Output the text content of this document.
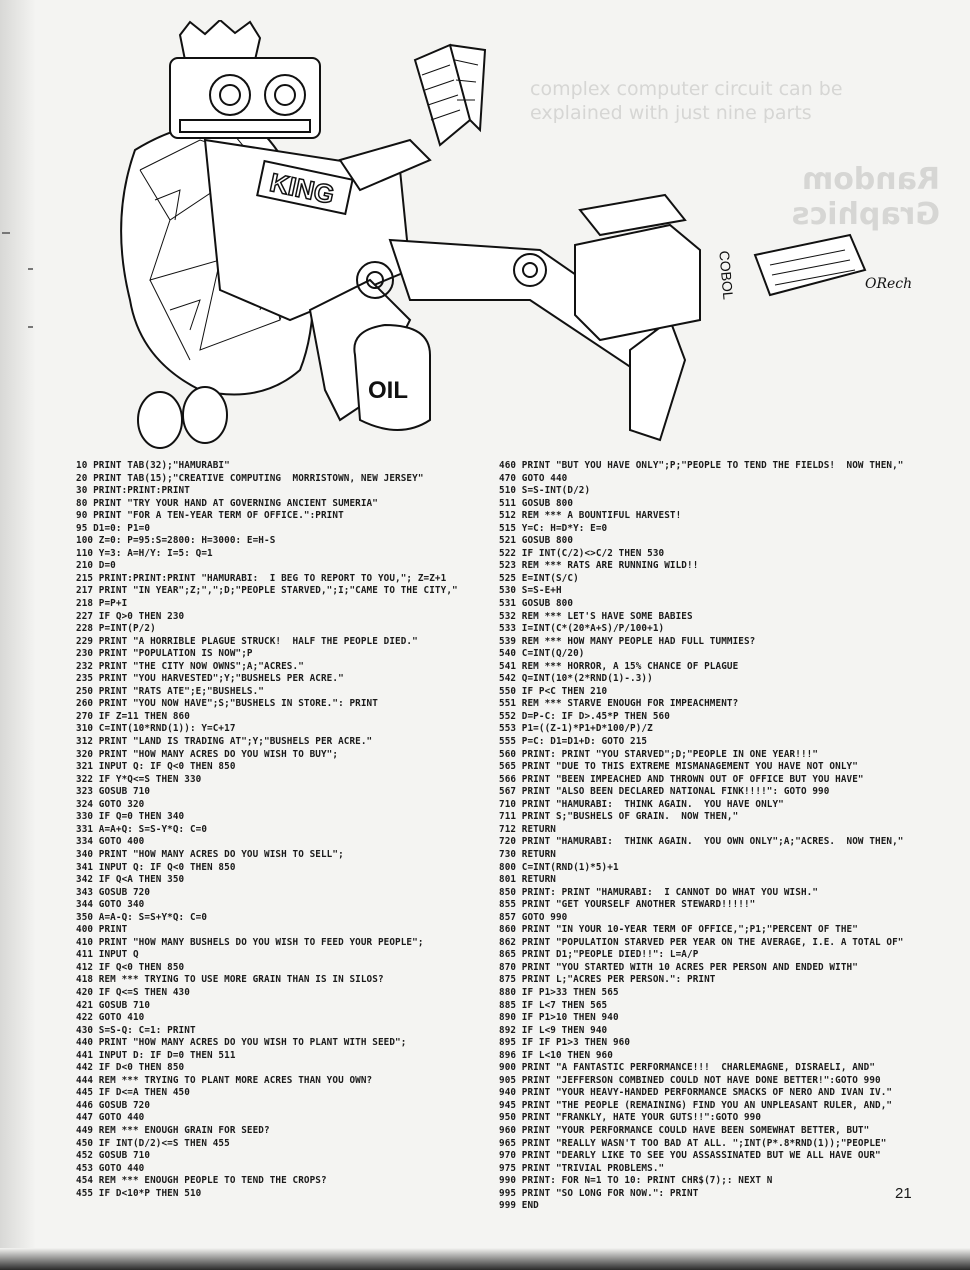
complex computer circuit can be
explained with just nine parts
Random Graphics
KING
OIL
COBOL	ORech
10 PRINT TAB(32);"HAMURABI"
20 PRINT TAB(15);"CREATIVE COMPUTING  MORRISTOWN, NEW JERSEY"
30 PRINT:PRINT:PRINT
80 PRINT "TRY YOUR HAND AT GOVERNING ANCIENT SUMERIA"
90 PRINT "FOR A TEN-YEAR TERM OF OFFICE.":PRINT
95 D1=0: P1=0
100 Z=0: P=95:S=2800: H=3000: E=H-S
110 Y=3: A=H/Y: I=5: Q=1
210 D=0
215 PRINT:PRINT:PRINT "HAMURABI:  I BEG TO REPORT TO YOU,"; Z=Z+1
217 PRINT "IN YEAR";Z;",";D;"PEOPLE STARVED,";I;"CAME TO THE CITY,"
218 P=P+I
227 IF Q>0 THEN 230
228 P=INT(P/2)
229 PRINT "A HORRIBLE PLAGUE STRUCK!  HALF THE PEOPLE DIED."
230 PRINT "POPULATION IS NOW";P
232 PRINT "THE CITY NOW OWNS";A;"ACRES."
235 PRINT "YOU HARVESTED";Y;"BUSHELS PER ACRE."
250 PRINT "RATS ATE";E;"BUSHELS."
260 PRINT "YOU NOW HAVE";S;"BUSHELS IN STORE.": PRINT
270 IF Z=11 THEN 860
310 C=INT(10*RND(1)): Y=C+17
312 PRINT "LAND IS TRADING AT";Y;"BUSHELS PER ACRE."
320 PRINT "HOW MANY ACRES DO YOU WISH TO BUY";
321 INPUT Q: IF Q<0 THEN 850
322 IF Y*Q<=S THEN 330
323 GOSUB 710
324 GOTO 320
330 IF Q=0 THEN 340
331 A=A+Q: S=S-Y*Q: C=0
334 GOTO 400
340 PRINT "HOW MANY ACRES DO YOU WISH TO SELL";
341 INPUT Q: IF Q<0 THEN 850
342 IF Q<A THEN 350
343 GOSUB 720
344 GOTO 340
350 A=A-Q: S=S+Y*Q: C=0
400 PRINT
410 PRINT "HOW MANY BUSHELS DO YOU WISH TO FEED YOUR PEOPLE";
411 INPUT Q
412 IF Q<0 THEN 850
418 REM *** TRYING TO USE MORE GRAIN THAN IS IN SILOS?
420 IF Q<=S THEN 430
421 GOSUB 710
422 GOTO 410
430 S=S-Q: C=1: PRINT
440 PRINT "HOW MANY ACRES DO YOU WISH TO PLANT WITH SEED";
441 INPUT D: IF D=0 THEN 511
442 IF D<0 THEN 850
444 REM *** TRYING TO PLANT MORE ACRES THAN YOU OWN?
445 IF D<=A THEN 450
446 GOSUB 720
447 GOTO 440
449 REM *** ENOUGH GRAIN FOR SEED?
450 IF INT(D/2)<=S THEN 455
452 GOSUB 710
453 GOTO 440
454 REM *** ENOUGH PEOPLE TO TEND THE CROPS?
455 IF D<10*P THEN 510
460 PRINT "BUT YOU HAVE ONLY";P;"PEOPLE TO TEND THE FIELDS!  NOW THEN,"
470 GOTO 440
510 S=S-INT(D/2)
511 GOSUB 800
512 REM *** A BOUNTIFUL HARVEST!
515 Y=C: H=D*Y: E=0
521 GOSUB 800
522 IF INT(C/2)<>C/2 THEN 530
523 REM *** RATS ARE RUNNING WILD!!
525 E=INT(S/C)
530 S=S-E+H
531 GOSUB 800
532 REM *** LET'S HAVE SOME BABIES
533 I=INT(C*(20*A+S)/P/100+1)
539 REM *** HOW MANY PEOPLE HAD FULL TUMMIES?
540 C=INT(Q/20)
541 REM *** HORROR, A 15% CHANCE OF PLAGUE
542 Q=INT(10*(2*RND(1)-.3))
550 IF P<C THEN 210
551 REM *** STARVE ENOUGH FOR IMPEACHMENT?
552 D=P-C: IF D>.45*P THEN 560
553 P1=((Z-1)*P1+D*100/P)/Z
555 P=C: D1=D1+D: GOTO 215
560 PRINT: PRINT "YOU STARVED";D;"PEOPLE IN ONE YEAR!!!"
565 PRINT "DUE TO THIS EXTREME MISMANAGEMENT YOU HAVE NOT ONLY"
566 PRINT "BEEN IMPEACHED AND THROWN OUT OF OFFICE BUT YOU HAVE"
567 PRINT "ALSO BEEN DECLARED NATIONAL FINK!!!!": GOTO 990
710 PRINT "HAMURABI:  THINK AGAIN.  YOU HAVE ONLY"
711 PRINT S;"BUSHELS OF GRAIN.  NOW THEN,"
712 RETURN
720 PRINT "HAMURABI:  THINK AGAIN.  YOU OWN ONLY";A;"ACRES.  NOW THEN,"
730 RETURN
800 C=INT(RND(1)*5)+1
801 RETURN
850 PRINT: PRINT "HAMURABI:  I CANNOT DO WHAT YOU WISH."
855 PRINT "GET YOURSELF ANOTHER STEWARD!!!!!"
857 GOTO 990
860 PRINT "IN YOUR 10-YEAR TERM OF OFFICE,";P1;"PERCENT OF THE"
862 PRINT "POPULATION STARVED PER YEAR ON THE AVERAGE, I.E. A TOTAL OF"
865 PRINT D1;"PEOPLE DIED!!": L=A/P
870 PRINT "YOU STARTED WITH 10 ACRES PER PERSON AND ENDED WITH"
875 PRINT L;"ACRES PER PERSON.": PRINT
880 IF P1>33 THEN 565
885 IF L<7 THEN 565
890 IF P1>10 THEN 940
892 IF L<9 THEN 940
895 IF IF P1>3 THEN 960
896 IF L<10 THEN 960
900 PRINT "A FANTASTIC PERFORMANCE!!!  CHARLEMAGNE, DISRAELI, AND"
905 PRINT "JEFFERSON COMBINED COULD NOT HAVE DONE BETTER!":GOTO 990
940 PRINT "YOUR HEAVY-HANDED PERFORMANCE SMACKS OF NERO AND IVAN IV."
945 PRINT "THE PEOPLE (REMAINING) FIND YOU AN UNPLEASANT RULER, AND,"
950 PRINT "FRANKLY, HATE YOUR GUTS!!":GOTO 990
960 PRINT "YOUR PERFORMANCE COULD HAVE BEEN SOMEWHAT BETTER, BUT"
965 PRINT "REALLY WASN'T TOO BAD AT ALL. ";INT(P*.8*RND(1));"PEOPLE"
970 PRINT "DEARLY LIKE TO SEE YOU ASSASSINATED BUT WE ALL HAVE OUR"
975 PRINT "TRIVIAL PROBLEMS."
990 PRINT: FOR N=1 TO 10: PRINT CHR$(7);: NEXT N
995 PRINT "SO LONG FOR NOW.": PRINT
999 END
21
